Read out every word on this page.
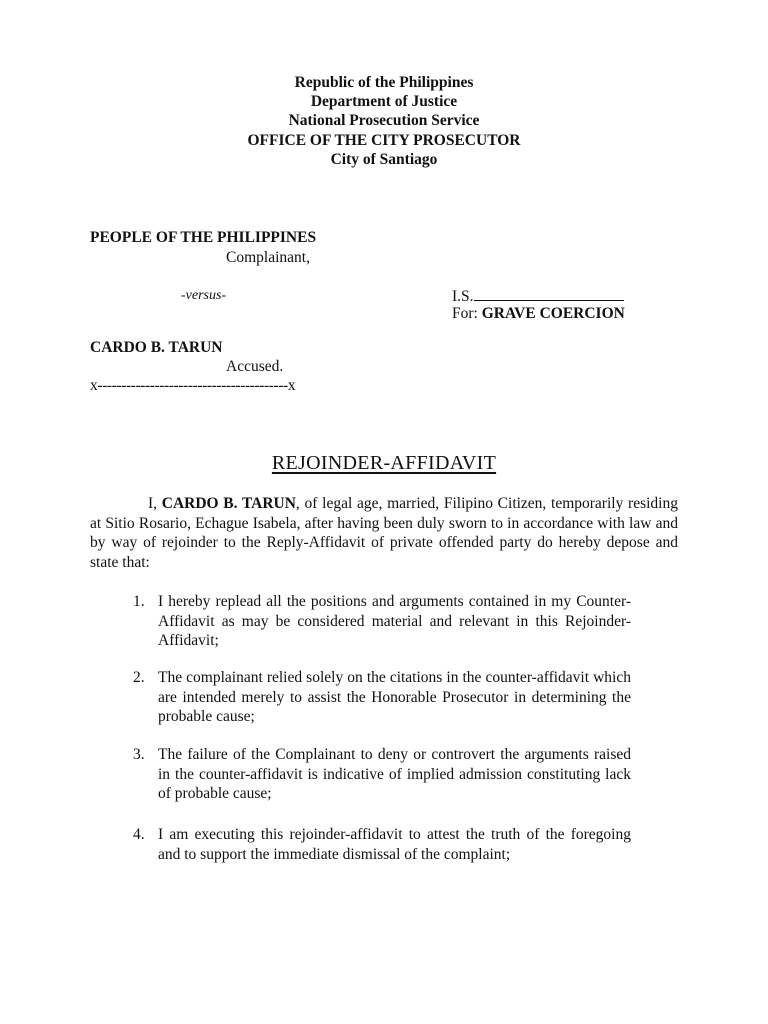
Republic of the Philippines
Department of Justice
National Prosecution Service
OFFICE OF THE CITY PROSECUTOR
City of Santiago
PEOPLE OF THE PHILIPPINES
Complainant,
-versus-	I.S.
For: GRAVE COERCION
CARDO B. TARUN
Accused.
x----------------------------------------x
REJOINDER-AFFIDAVIT
I, CARDO B. TARUN, of legal age, married, Filipino Citizen, temporarily residing at Sitio Rosario, Echague Isabela, after having been duly sworn to in accordance with law and by way of rejoinder to the Reply-Affidavit of private offended party do hereby depose and state that:
1. I hereby replead all the positions and arguments contained in my Counter-Affidavit as may be considered material and relevant in this Rejoinder-Affidavit;
2. The complainant relied solely on the citations in the counter-affidavit which are intended merely to assist the Honorable Prosecutor in determining the probable cause;
3. The failure of the Complainant to deny or controvert the arguments raised in the counter-affidavit is indicative of implied admission constituting lack of probable cause;
4. I am executing this rejoinder-affidavit to attest the truth of the foregoing and to support the immediate dismissal of the complaint;
